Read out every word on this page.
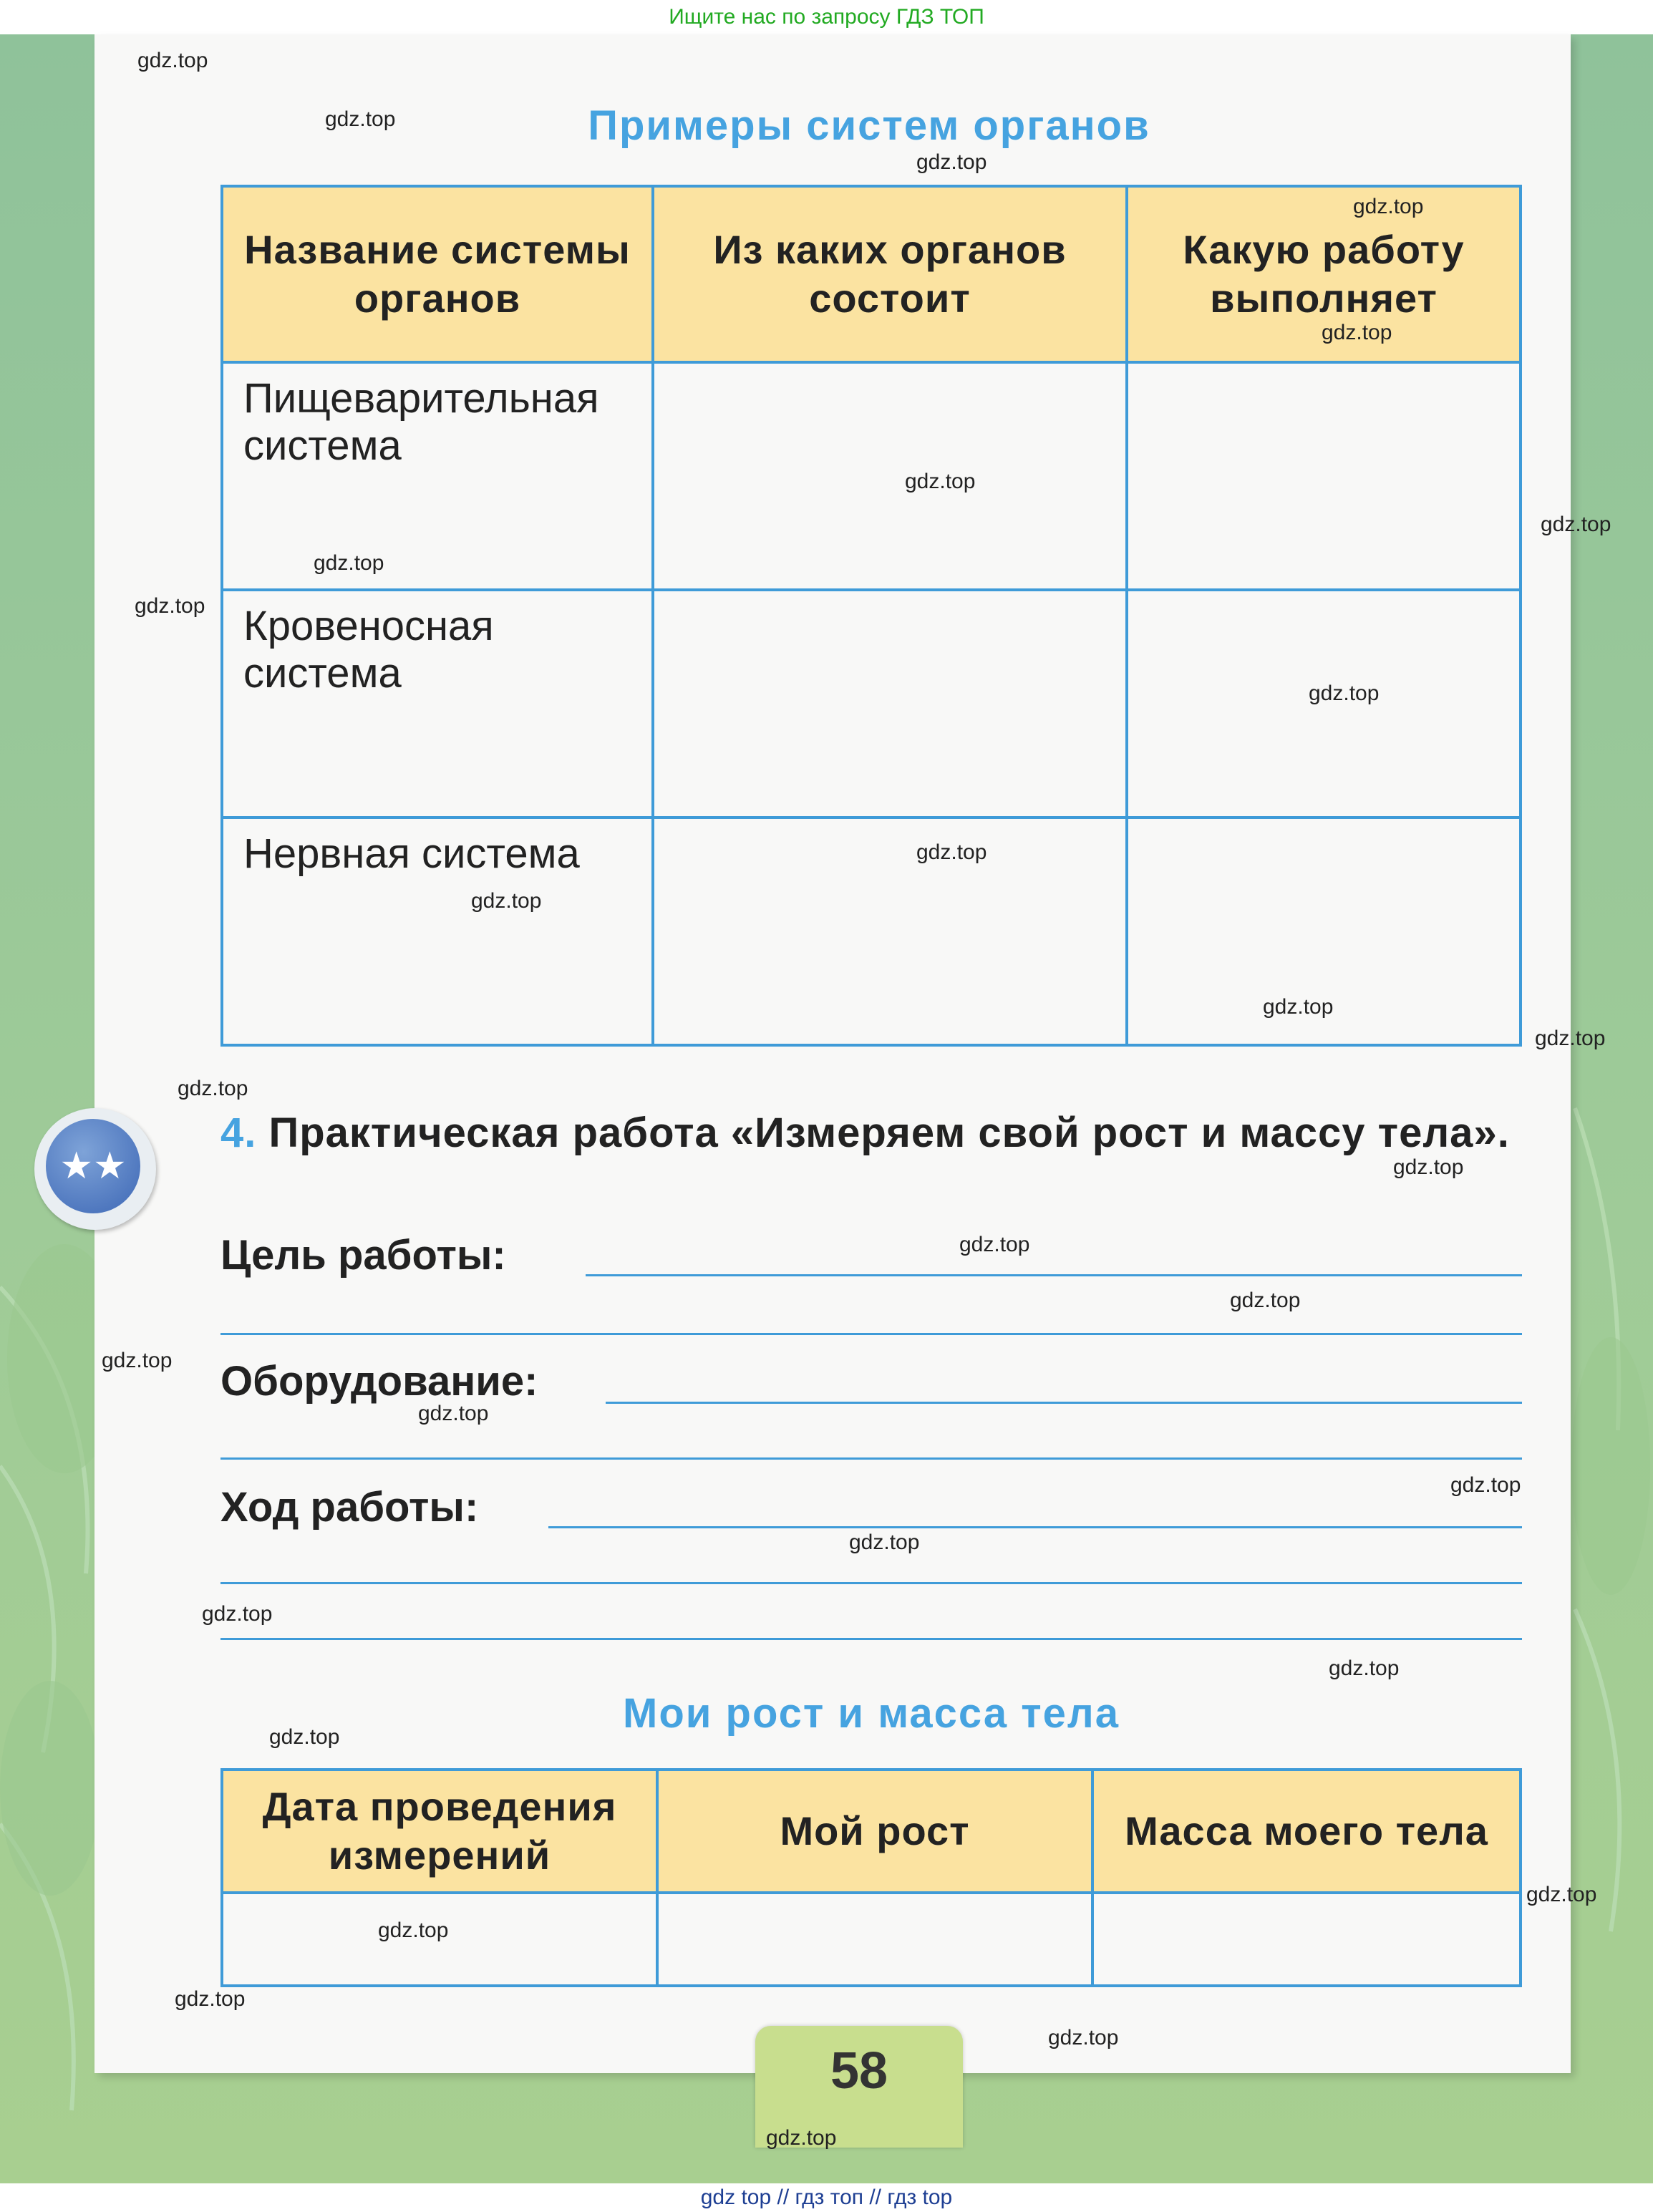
Ищите нас по запросу ГДЗ ТОП
Примеры систем органов
Название системы органов	Из каких органов состоит	Какую работу выполняет
Пищеварительная система		
Кровеносная система		
Нервная система		
★★
4. Практическая работа «Измеряем свой рост и массу тела».
Цель работы:
Оборудование:
Ход работы:
Мои рост и масса тела
Дата проведения измерений	Мой рост	Масса моего тела

58
gdz.top
gdz.top
gdz.top
gdz.top
gdz.top
gdz.top
gdz.top
gdz.top
gdz.top
gdz.top
gdz.top
gdz.top
gdz.top
gdz.top
gdz.top
gdz.top
gdz.top
gdz.top
gdz.top
gdz.top
gdz.top
gdz.top
gdz.top
gdz.top
gdz.top
gdz.top
gdz.top
gdz.top
gdz.top
gdz.top
gdz top // гдз топ // гдз top
